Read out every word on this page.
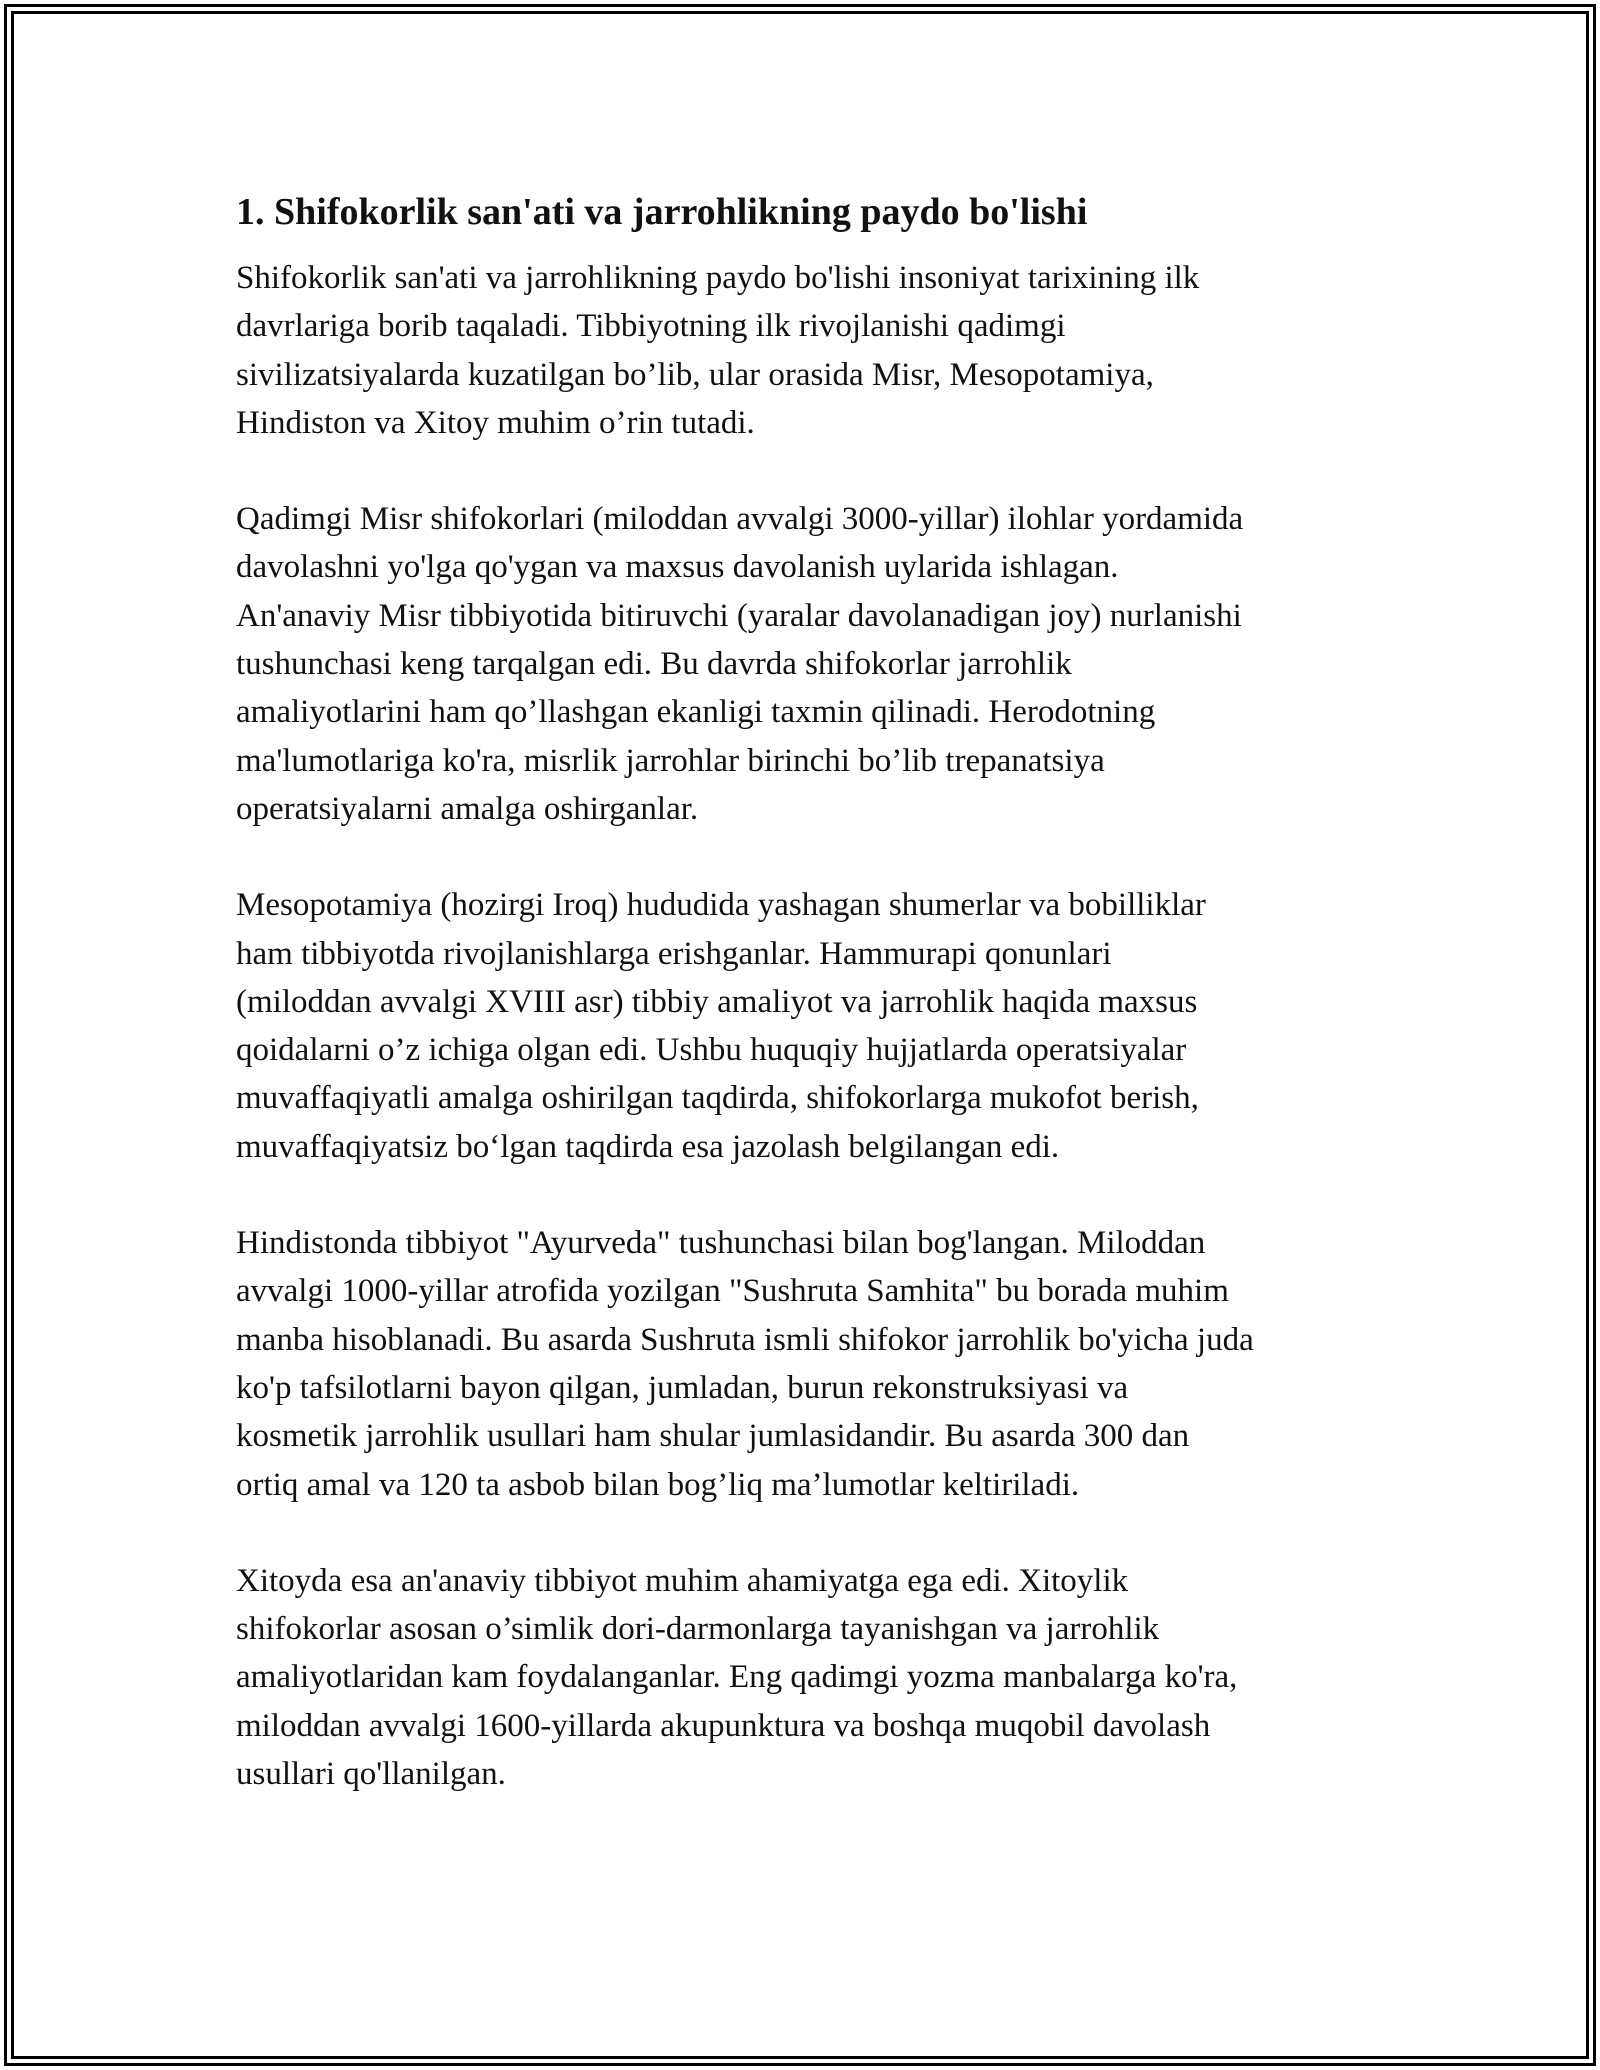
1. Shifokorlik san'ati va jarrohlikning paydo bo'lishi
Shifokorlik san'ati va jarrohlikning paydo bo'lishi insoniyat tarixining ilk
davrlariga borib taqaladi. Tibbiyotning ilk rivojlanishi qadimgi
sivilizatsiyalarda kuzatilgan bo’lib, ular orasida Misr, Mesopotamiya,
Hindiston va Xitoy muhim o’rin tutadi.
Qadimgi Misr shifokorlari (miloddan avvalgi 3000-yillar) ilohlar yordamida
davolashni yo'lga qo'ygan va maxsus davolanish uylarida ishlagan.
An'anaviy Misr tibbiyotida bitiruvchi (yaralar davolanadigan joy) nurlanishi
tushunchasi keng tarqalgan edi. Bu davrda shifokorlar jarrohlik
amaliyotlarini ham qo’llashgan ekanligi taxmin qilinadi. Herodotning
ma'lumotlariga ko'ra, misrlik jarrohlar birinchi bo’lib trepanatsiya
operatsiyalarni amalga oshirganlar.
Mesopotamiya (hozirgi Iroq) hududida yashagan shumerlar va bobilliklar
ham tibbiyotda rivojlanishlarga erishganlar. Hammurapi qonunlari
(miloddan avvalgi XVIII asr) tibbiy amaliyot va jarrohlik haqida maxsus
qoidalarni o’z ichiga olgan edi. Ushbu huquqiy hujjatlarda operatsiyalar
muvaffaqiyatli amalga oshirilgan taqdirda, shifokorlarga mukofot berish,
muvaffaqiyatsiz bo‘lgan taqdirda esa jazolash belgilangan edi.
Hindistonda tibbiyot "Ayurveda" tushunchasi bilan bog'langan. Miloddan
avvalgi 1000-yillar atrofida yozilgan "Sushruta Samhita" bu borada muhim
manba hisoblanadi. Bu asarda Sushruta ismli shifokor jarrohlik bo'yicha juda
ko'p tafsilotlarni bayon qilgan, jumladan, burun rekonstruksiyasi va
kosmetik jarrohlik usullari ham shular jumlasidandir. Bu asarda 300 dan
ortiq amal va 120 ta asbob bilan bog’liq ma’lumotlar keltiriladi.
Xitoyda esa an'anaviy tibbiyot muhim ahamiyatga ega edi. Xitoylik
shifokorlar asosan o’simlik dori-darmonlarga tayanishgan va jarrohlik
amaliyotlaridan kam foydalanganlar. Eng qadimgi yozma manbalarga ko'ra,
miloddan avvalgi 1600-yillarda akupunktura va boshqa muqobil davolash
usullari qo'llanilgan.
